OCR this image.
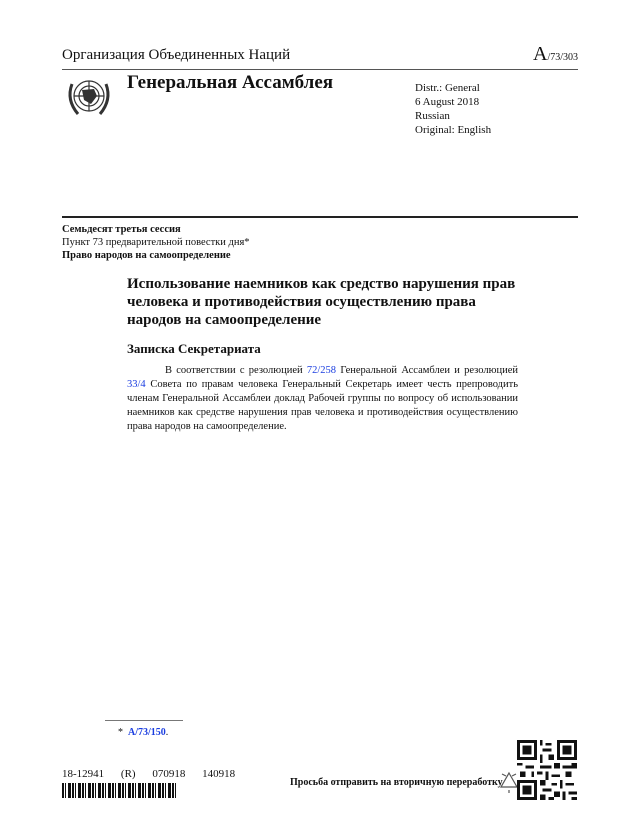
Организация Объединенных Наций	A/73/303
Генеральная Ассамблея	Distr.: General
6 August 2018
Russian
Original: English
Семьдесят третья сессия
Пункт 73 предварительной повестки дня*
Право народов на самоопределение
Использование наемников как средство нарушения прав человека и противодействия осуществлению права народов на самоопределение
Записка Секретариата
В соответствии с резолюцией 72/258 Генеральной Ассамблеи и резолюцией 33/4 Совета по правам человека Генеральный Секретарь имеет честь препроводить членам Генеральной Ассамблеи доклад Рабочей группы по вопросу об использовании наемников как средстве нарушения прав человека и противодействия осуществлению права народов на самоопределение.
* A/73/150.
18-12941 (R) 070918 140918
Просьба отправить на вторичную переработку
